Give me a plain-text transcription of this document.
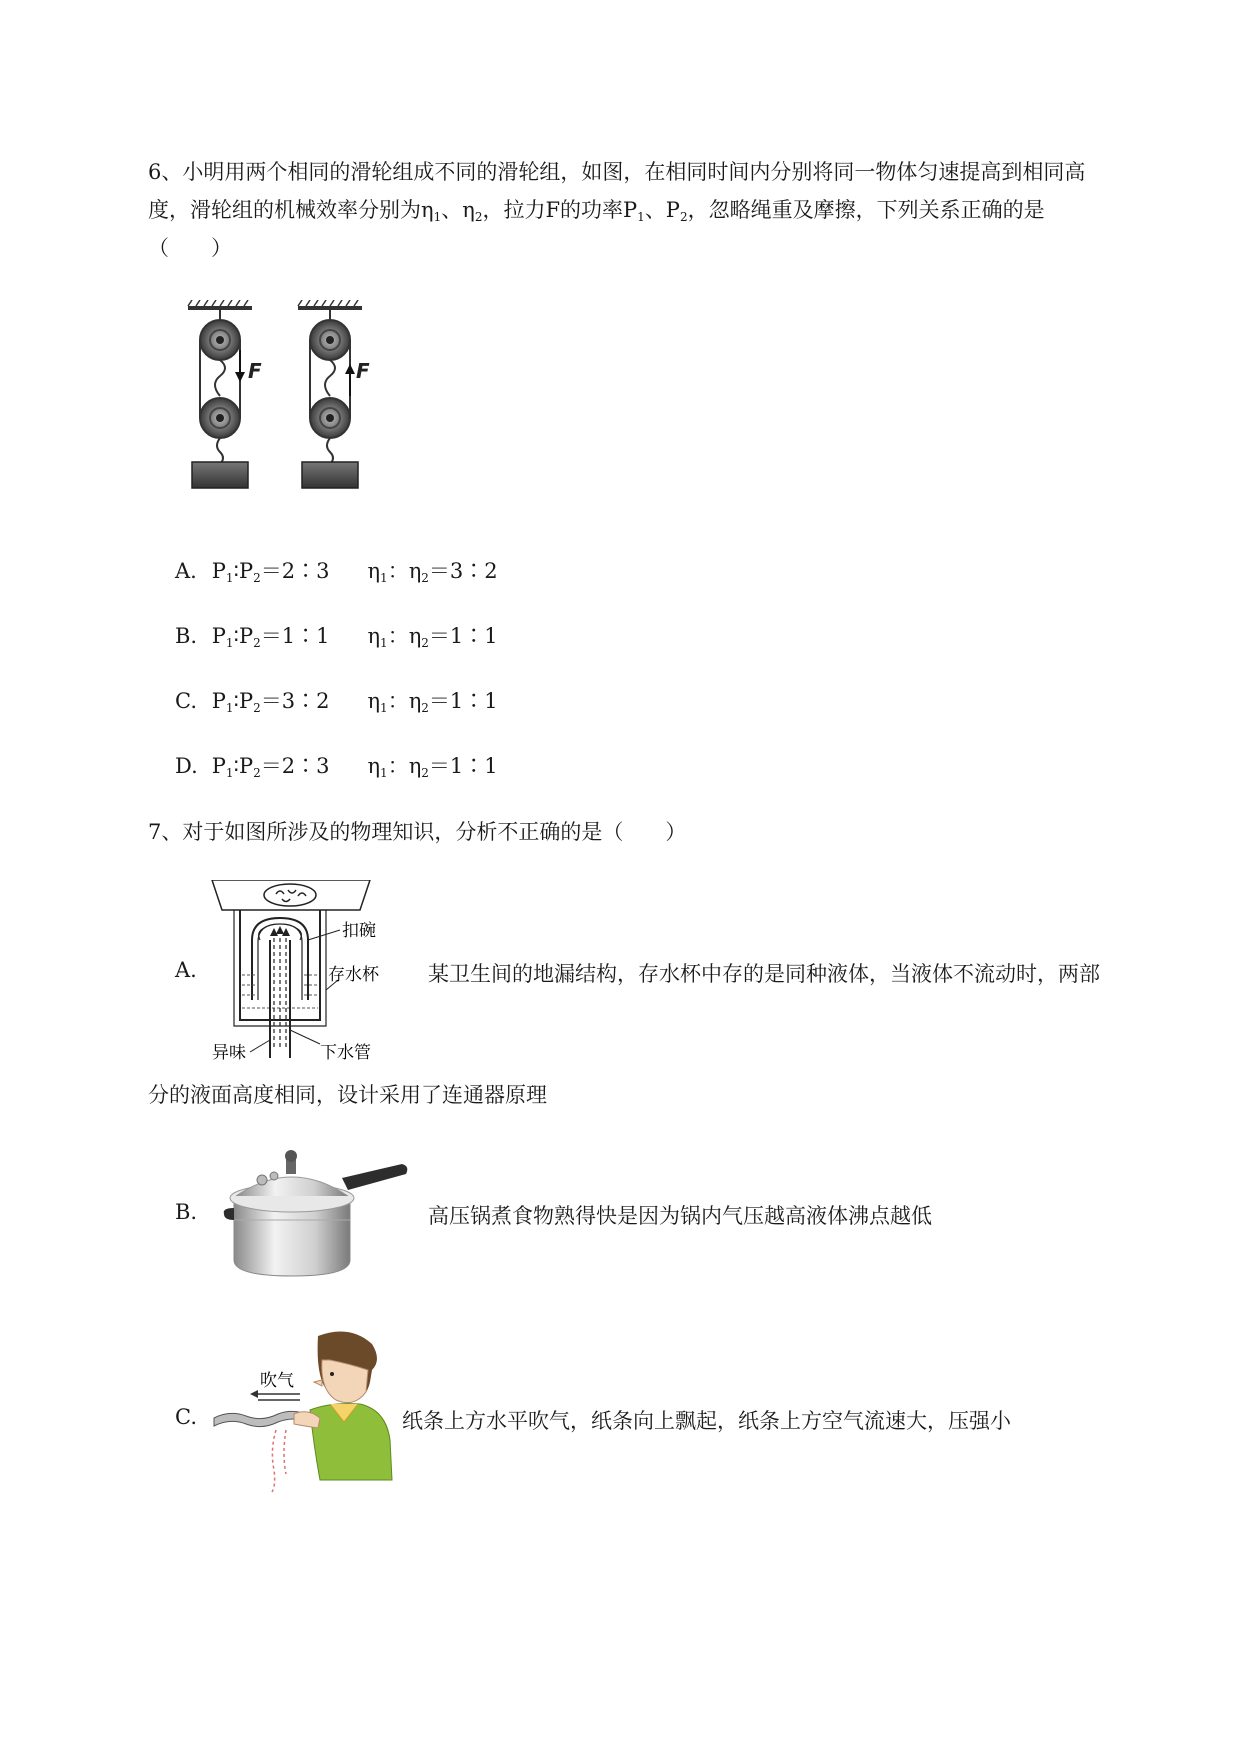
6、小明用两个相同的滑轮组成不同的滑轮组，如图，在相同时间内分别将同一物体匀速提高到相同高
度，滑轮组的机械效率分别为$\eta_1$、$\eta_2$，拉力F的功率$P_1$、$P_2$，忽略绳重及摩擦，下列关系正确的是
（　　）
F	F
A. $P_1∶P_2=2∶3$ $\eta_1$：$\eta_2=3∶2$
B. $P_1∶P_2=1∶1$ $\eta_1$：$\eta_2=1∶1$
C. $P_1∶P_2=3∶2$ $\eta_1$：$\eta_2=1∶1$
D. $P_1∶P_2=2∶3$ $\eta_1$：$\eta_2=1∶1$
7、对于如图所涉及的物理知识，分析不正确的是（　　）
A.
扣碗
存水杯
异味	下水管
某卫生间的地漏结构，存水杯中存的是同种液体，当液体不流动时，两部
分的液面高度相同，设计采用了连通器原理
B.	高压锅煮食物熟得快是因为锅内气压越高液体沸点越低
C.
吹气
纸条上方水平吹气，纸条向上飘起，纸条上方空气流速大，压强小
